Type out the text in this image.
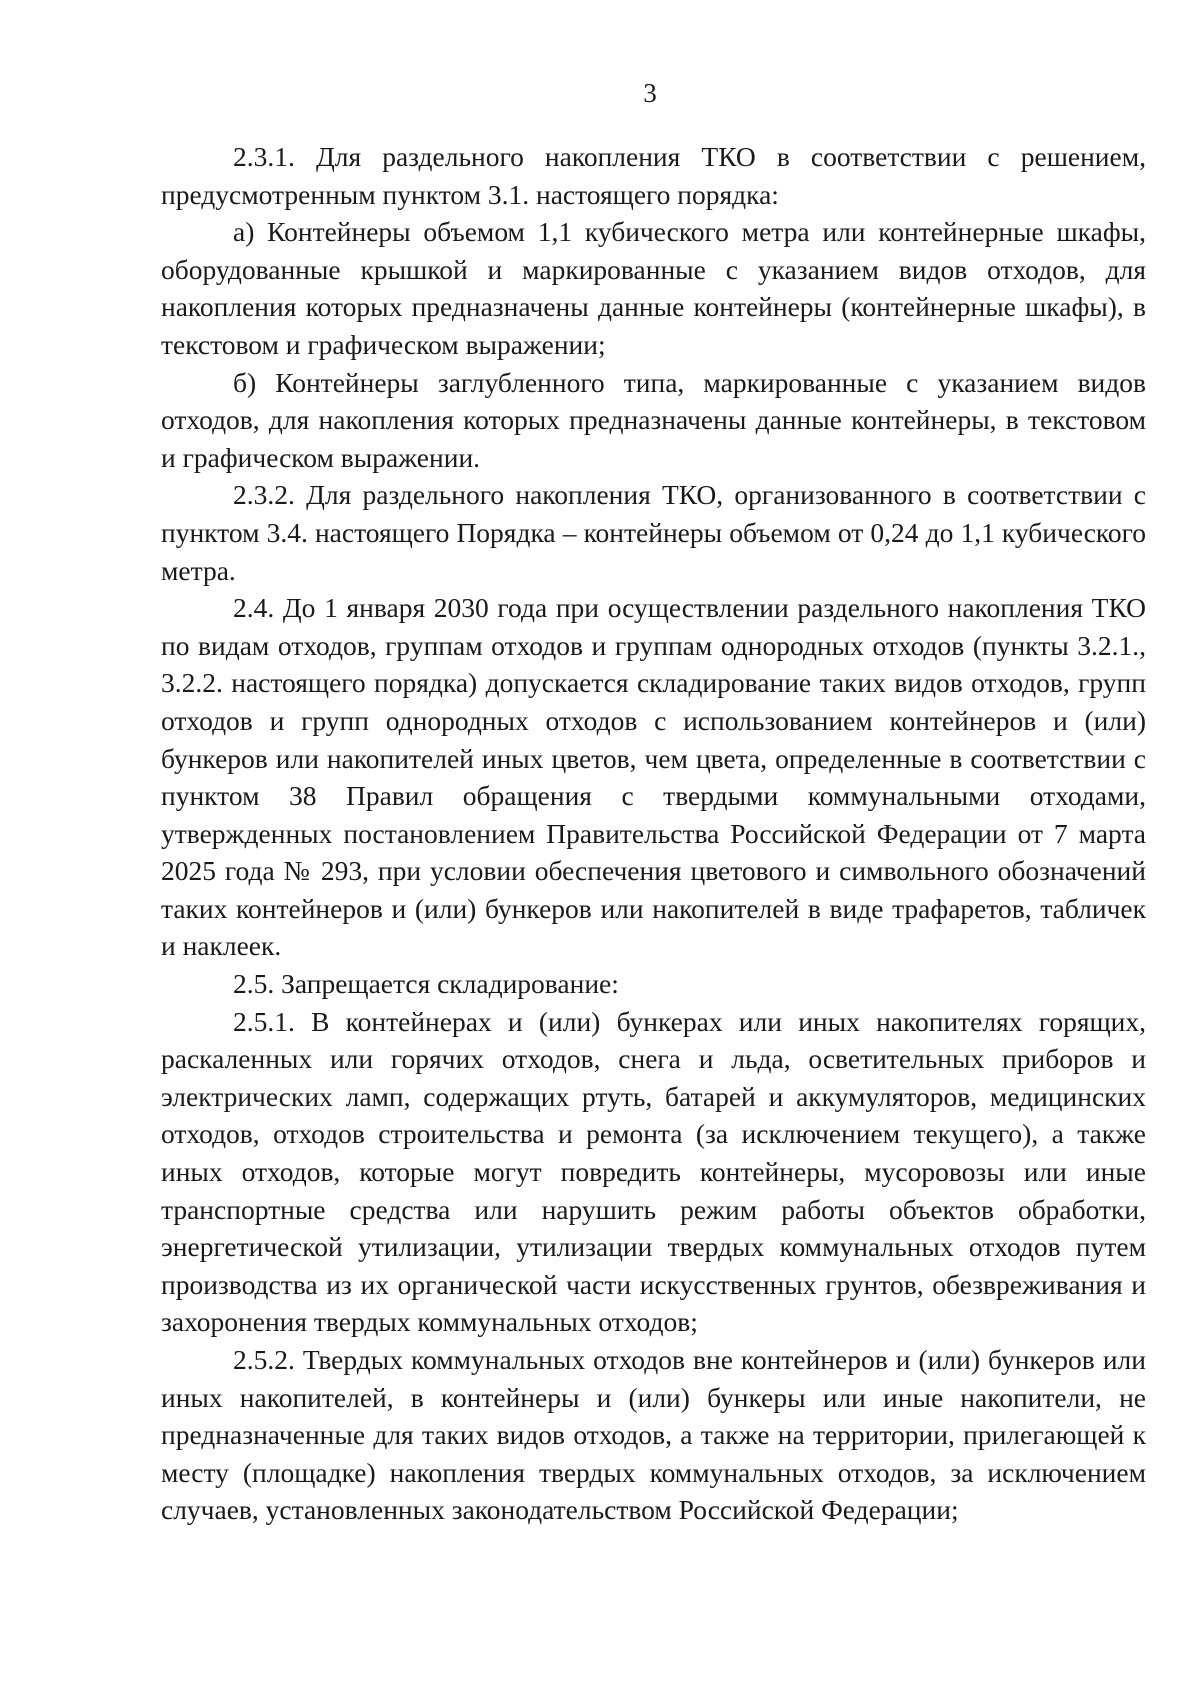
3

2.3.1. Для раздельного накопления ТКО в соответствии с решением, предусмотренным пунктом 3.1. настоящего порядка:

а) Контейнеры объемом 1,1 кубического метра или контейнерные шкафы, оборудованные крышкой и маркированные с указанием видов отходов, для накопления которых предназначены данные контейнеры (контейнерные шкафы), в текстовом и графическом выражении;

б) Контейнеры заглубленного типа, маркированные с указанием видов отходов, для накопления которых предназначены данные контейнеры, в текстовом и графическом выражении.

2.3.2. Для раздельного накопления ТКО, организованного в соответствии с пунктом 3.4. настоящего Порядка – контейнеры объемом от 0,24 до 1,1 кубического метра.

2.4. До 1 января 2030 года при осуществлении раздельного накопления ТКО по видам отходов, группам отходов и группам однородных отходов (пункты 3.2.1., 3.2.2. настоящего порядка) допускается складирование таких видов отходов, групп отходов и групп однородных отходов с использованием контейнеров и (или) бункеров или накопителей иных цветов, чем цвета, определенные в соответствии с пунктом 38 Правил обращения с твердыми коммунальными отходами, утвержденных постановлением Правительства Российской Федерации от 7 марта 2025 года № 293, при условии обеспечения цветового и символьного обозначений таких контейнеров и (или) бункеров или накопителей в виде трафаретов, табличек и наклеек.

2.5. Запрещается складирование:

2.5.1. В контейнерах и (или) бункерах или иных накопителях горящих, раскаленных или горячих отходов, снега и льда, осветительных приборов и электрических ламп, содержащих ртуть, батарей и аккумуляторов, медицинских отходов, отходов строительства и ремонта (за исключением текущего), а также иных отходов, которые могут повредить контейнеры, мусоровозы или иные транспортные средства или нарушить режим работы объектов обработки, энергетической утилизации, утилизации твердых коммунальных отходов путем производства из их органической части искусственных грунтов, обезвреживания и захоронения твердых коммунальных отходов;

2.5.2. Твердых коммунальных отходов вне контейнеров и (или) бункеров или иных накопителей, в контейнеры и (или) бункеры или иные накопители, не предназначенные для таких видов отходов, а также на территории, прилегающей к месту (площадке) накопления твердых коммунальных отходов, за исключением случаев, установленных законодательством Российской Федерации;
